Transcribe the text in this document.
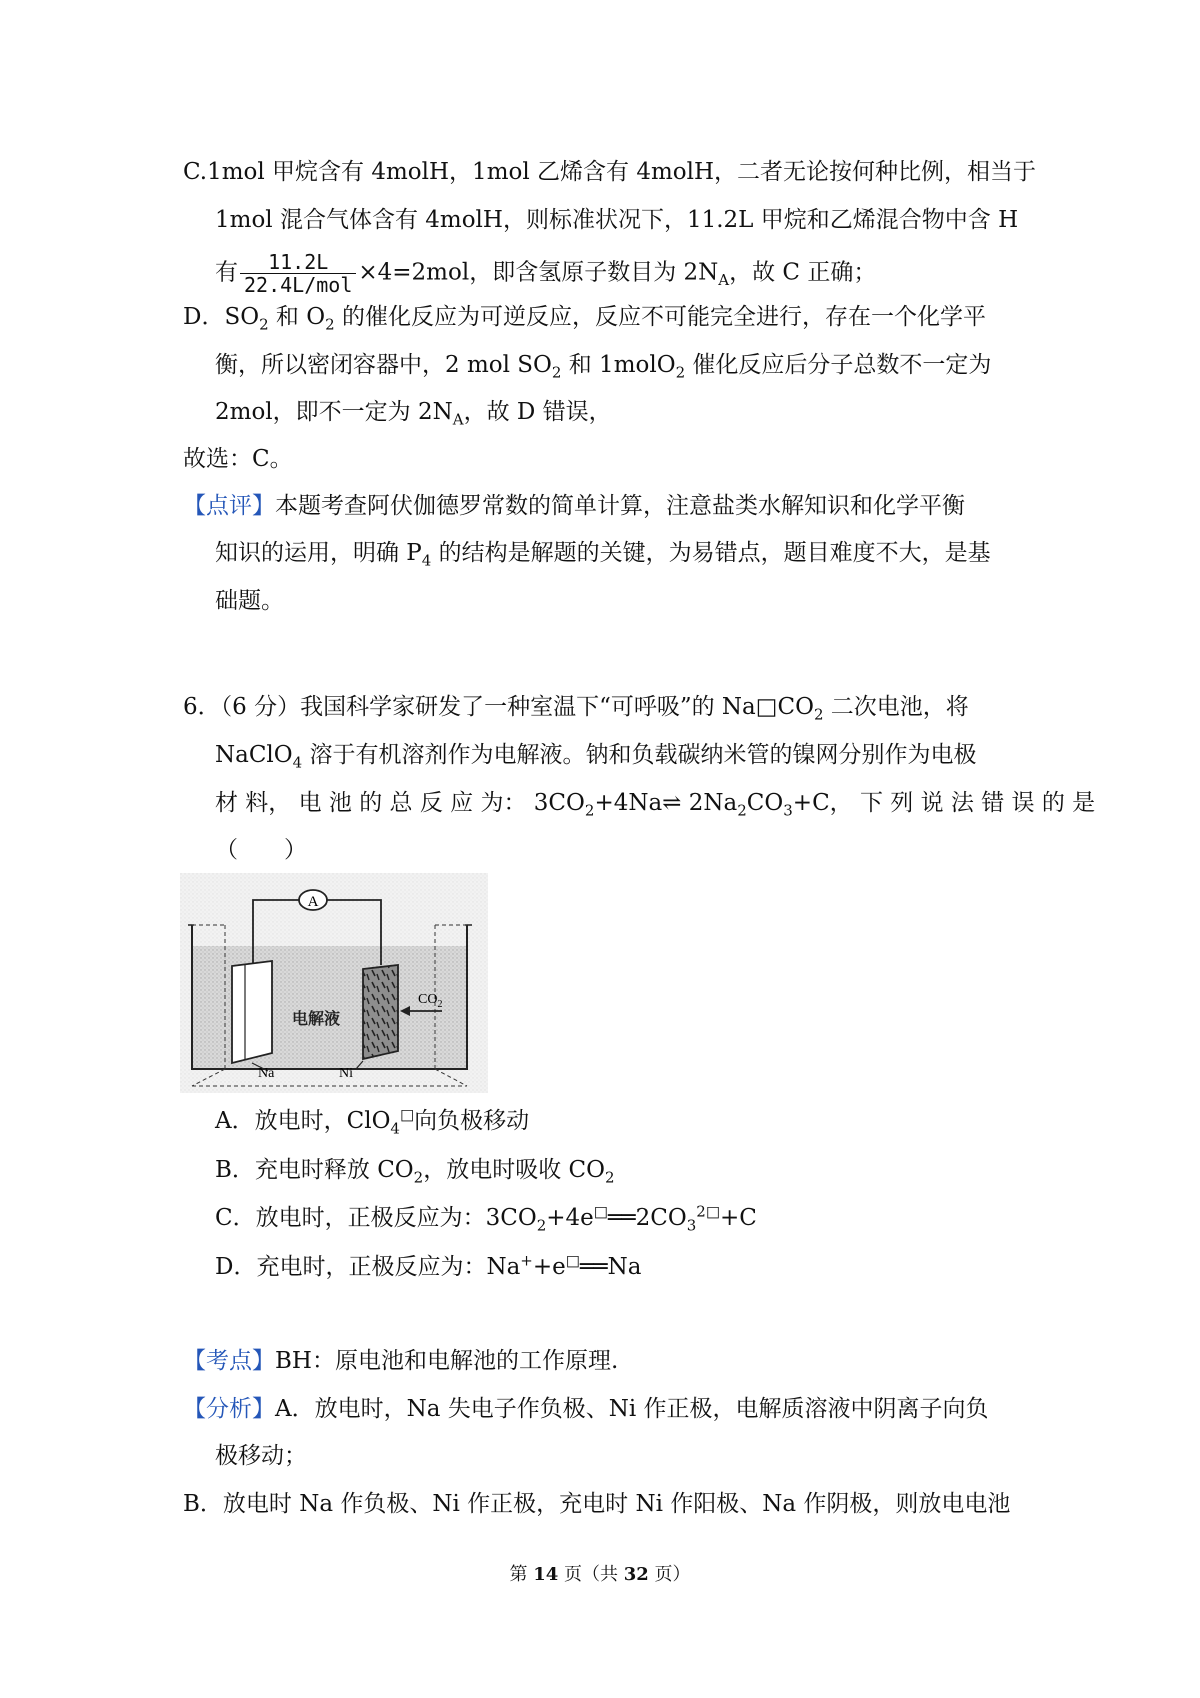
C.1mol 甲烷含有 4molH，1mol 乙烯含有 4molH，二者无论按何种比例，相当于
1mol 混合气体含有 4molH，则标准状况下，11.2L 甲烷和乙烯混合物中含 H
有 $\frac{11.2L}{\text{22.4L/mol}} \times 4=2mol$，即含氢原子数目为 $2N_A$，故 C 正确；
D．$SO_2$ 和 $O_2$ 的催化反应为可逆反应，反应不可能完全进行，存在一个化学平
衡，所以密闭容器中，2 mol $SO_2$ 和 1molO$_2$ 催化反应后分子总数不一定为
2mol，即不一定为 $2N_A$，故 D 错误，
故选：C。
【点评】本题考查阿伏伽德罗常数的简单计算，注意盐类水解知识和化学平衡
知识的运用，明确 $P_4$ 的结构是解题的关键，为易错点，题目难度不大，是基
础题。
6．（6 分）我国科学家研发了一种室温下“可呼吸”的 $Na□CO_2$ 二次电池，将
NaClO$_4$ 溶于有机溶剂作为电解液。钠和负载碳纳米管的镍网分别作为电极
材 料， 电 池 的 总 反 应 为： $3CO_2+4Na\rightleftharpoons$ $2Na_2CO_3+C$， 下 列 说 法 错 误 的 是
（　　）
A
$CO_2$
电解液
Na	Ni
A．放电时，ClO$_4$□向负极移动
B．充电时释放 $CO_2$，放电时吸收 $CO_2$
C．放电时，正极反应为：$3CO_2+4e^□══2CO_3^{2□}+C$
D．充电时，正极反应为：Na++e□══Na
【考点】BH：原电池和电解池的工作原理.
【分析】A．放电时，Na 失电子作负极、Ni 作正极，电解质溶液中阴离子向负
极移动；
B．放电时 Na 作负极、Ni 作正极，充电时 Ni 作阳极、Na 作阴极，则放电电池
第 14 页（共 32 页）
